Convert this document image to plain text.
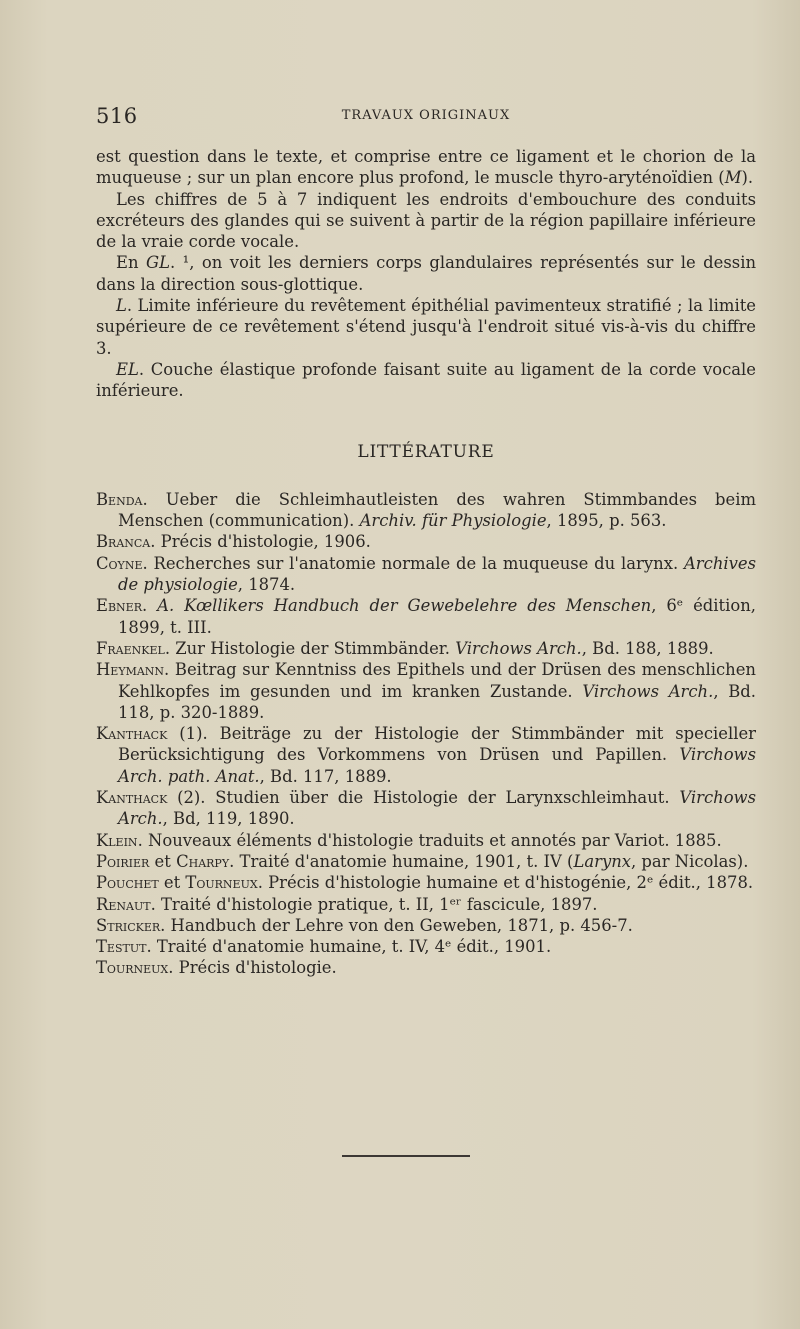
516	TRAVAUX ORIGINAUX

est question dans le texte, et comprise entre ce ligament et le chorion de la muqueuse ; sur un plan encore plus profond, le muscle thyro-aryténoïdien (M).

Les chiffres de 5 à 7 indiquent les endroits d'embouchure des conduits excréteurs des glandes qui se suivent à partir de la région papillaire inférieure de la vraie corde vocale.

En GL. ¹, on voit les derniers corps glandulaires représentés sur le dessin dans la direction sous-glottique.

L. Limite inférieure du revêtement épithélial pavimenteux stratifié ; la limite supérieure de ce revêtement s'étend jusqu'à l'endroit situé vis-à-vis du chiffre 3.

EL. Couche élastique profonde faisant suite au ligament de la corde vocale inférieure.

LITTÉRATURE

Benda. Ueber die Schleimhautleisten des wahren Stimmbandes beim Menschen (communication). Archiv. für Physiologie, 1895, p. 563.

Branca. Précis d'histologie, 1906.

Coyne. Recherches sur l'anatomie normale de la muqueuse du larynx. Archives de physiologie, 1874.

Ebner. A. Kœllikers Handbuch der Gewebelehre des Menschen, 6ᵉ édition, 1899, t. III.

Fraenkel. Zur Histologie der Stimmbänder. Virchows Arch., Bd. 188, 1889.

Heymann. Beitrag sur Kenntniss des Epithels und der Drüsen des menschlichen Kehlkopfes im gesunden und im kranken Zustande. Virchows Arch., Bd. 118, p. 320-1889.

Kanthack (1). Beiträge zu der Histologie der Stimmbänder mit specieller Berücksichtigung des Vorkommens von Drüsen und Papillen. Virchows Arch. path. Anat., Bd. 117, 1889.

Kanthack (2). Studien über die Histologie der Larynxschleimhaut. Virchows Arch., Bd, 119, 1890.

Klein. Nouveaux éléments d'histologie traduits et annotés par Variot. 1885.

Poirier et Charpy. Traité d'anatomie humaine, 1901, t. IV (Larynx, par Nicolas).

Pouchet et Tourneux. Précis d'histologie humaine et d'histogénie, 2ᵉ édit., 1878.

Renaut. Traité d'histologie pratique, t. II, 1ᵉʳ fascicule, 1897.

Stricker. Handbuch der Lehre von den Geweben, 1871, p. 456-7.

Testut. Traité d'anatomie humaine, t. IV, 4ᵉ édit., 1901.

Tourneux. Précis d'histologie.
